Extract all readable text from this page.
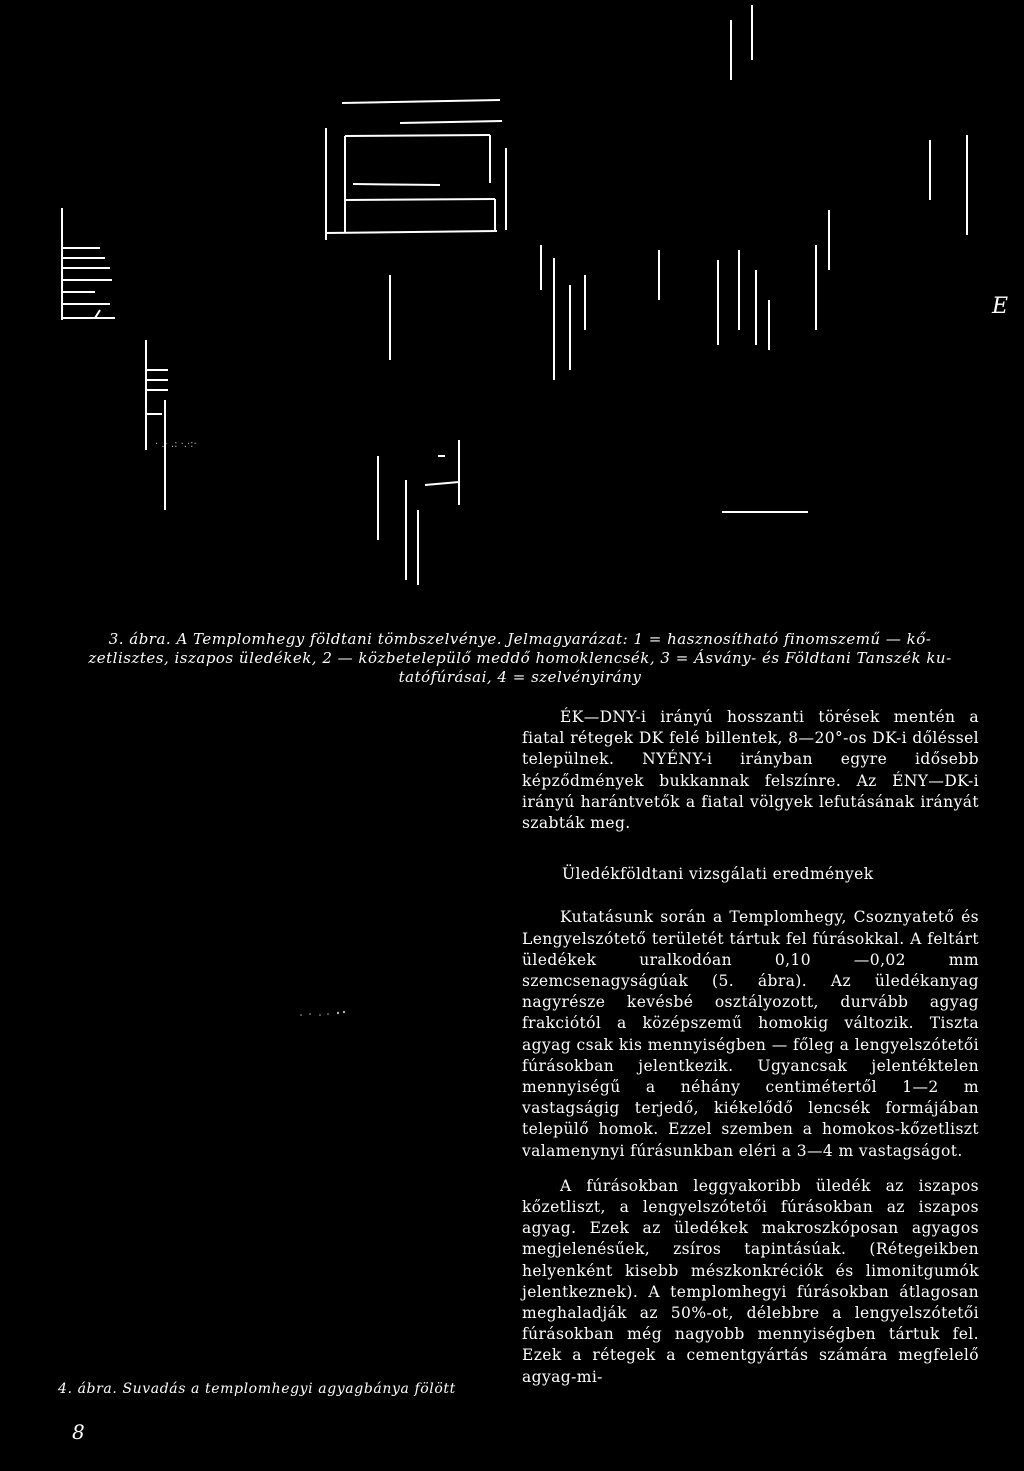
· .· .: ·.·:·
E

3. ábra. A Templomhegy földtani tömbszelvénye. Jelmagyarázat: 1 = hasznosítható finomszemű — kő-

zetlisztes, iszapos üledékek, 2 — közbetelepülő meddő homoklencsék, 3 = Ásvány- és Földtani Tanszék ku-

tatófúrásai, 4 = szelvényirány

ÉK—DNY-i irányú hosszanti törések mentén a fiatal rétegek DK felé billentek, 8—20°-os DK-i dőléssel települnek. NYÉNY-i irányban egyre idősebb képződmények bukkannak felszínre. Az ÉNY—DK-i irányú harántvetők a fiatal völgyek lefutásának irányát szabták meg.

Üledékföldtani vizsgálati eredmények

Kutatásunk során a Templomhegy, Csoznyatető és Lengyelszótető területét tártuk fel fúrásokkal. A feltárt üledékek uralkodóan 0,10 —0,02 mm szemcsenagyságúak (5. ábra). Az üledékanyag nagyrésze kevésbé osztályozott, durvább agyag frakciótól a középszemű homokig változik. Tiszta agyag csak kis mennyiségben — főleg a lengyelszótetői fúrásokban jelentkezik. Ugyancsak jelentéktelen mennyiségű a néhány centimétertől 1—2 m vastagságig terjedő, kiékelődő lencsék formájában települő homok. Ezzel szemben a homokos-kőzetliszt valamenynyi fúrásunkban eléri a 3—4 m vastagságot.

A fúrásokban leggyakoribb üledék az iszapos kőzetliszt, a lengyelszótetői fúrásokban az iszapos agyag. Ezek az üledékek makroszkóposan agyagos megjelenésűek, zsíros tapintásúak. (Rétegeikben helyenként kisebb mészkonkréciók és limonitgumók jelentkeznek). A templomhegyi fúrásokban átlagosan meghaladják az 50%-ot, délebbre a lengyelszótetői fúrásokban még nagyobb mennyiségben tártuk fel. Ezek a rétegek a cementgyártás számára megfelelő agyag-mi-

4. ábra. Suvadás a templomhegyi agyagbánya fölött
8
